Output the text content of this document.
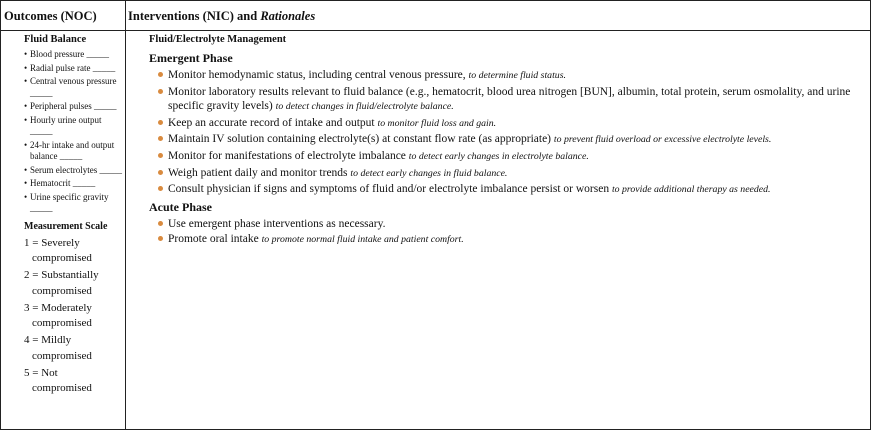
Outcomes (NOC)	Interventions (NIC) and Rationales
Fluid Balance
• Blood pressure _____
• Radial pulse rate _____
• Central venous pressure _____
• Peripheral pulses _____
• Hourly urine output _____
• 24-hr intake and output balance _____
• Serum electrolytes _____
• Hematocrit _____
• Urine specific gravity _____
Measurement Scale
1 = Severely
compromised
2 = Substantially
compromised
3 = Moderately
compromised
4 = Mildly
compromised
5 = Not
compromised
Fluid/Electrolyte Management
Emergent Phase
Monitor hemodynamic status, including central venous pressure, to determine fluid status.
Monitor laboratory results relevant to fluid balance (e.g., hematocrit, blood urea nitrogen [BUN], albumin, total protein, serum osmolality, and urine specific gravity levels) to detect changes in fluid/electrolyte balance.
Keep an accurate record of intake and output to monitor fluid loss and gain.
Maintain IV solution containing electrolyte(s) at constant flow rate (as appropriate) to prevent fluid overload or excessive electrolyte levels.
Monitor for manifestations of electrolyte imbalance to detect early changes in electrolyte balance.
Weigh patient daily and monitor trends to detect early changes in fluid balance.
Consult physician if signs and symptoms of fluid and/or electrolyte imbalance persist or worsen to provide additional therapy as needed.
Acute Phase
Use emergent phase interventions as necessary.
Promote oral intake to promote normal fluid intake and patient comfort.
